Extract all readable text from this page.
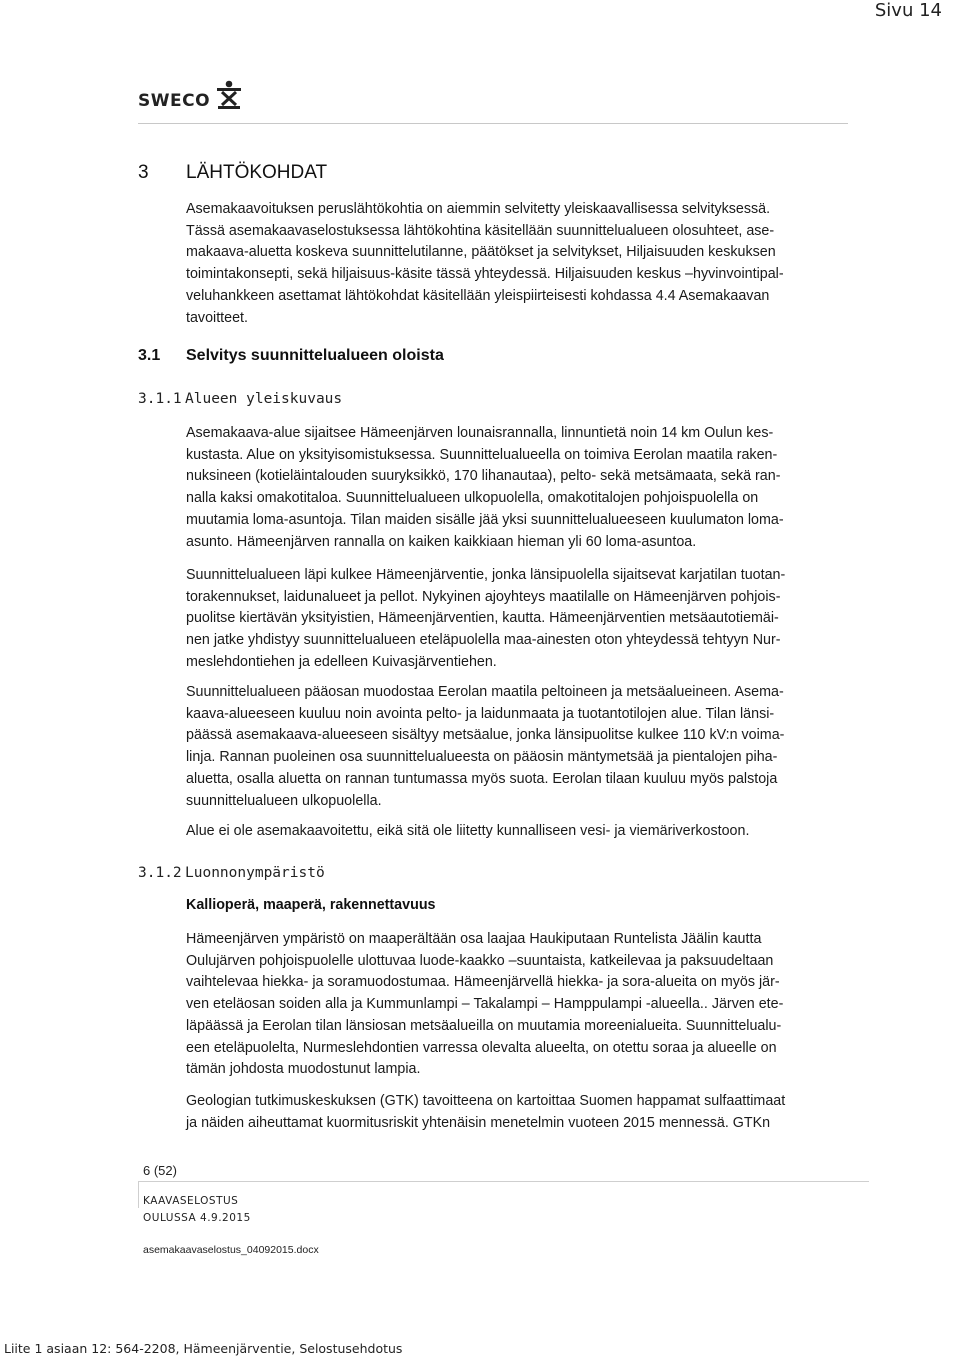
Sivu 14
SWECO
3 LÄHTÖKOHDAT
Asemakaavoituksen peruslähtökohtia on aiemmin selvitetty yleiskaavallisessa selvityksessä.
Tässä asemakaavaselostuksessa lähtökohtina käsitellään suunnittelualueen olosuhteet, ase-
makaava-aluetta koskeva suunnittelutilanne, päätökset ja selvitykset, Hiljaisuuden keskuksen
toimintakonsepti, sekä hiljaisuus-käsite tässä yhteydessä. Hiljaisuuden keskus –hyvinvointipal-
veluhankkeen asettamat lähtökohdat käsitellään yleispiirteisesti kohdassa 4.4 Asemakaavan
tavoitteet.
3.1 Selvitys suunnittelualueen oloista
3.1.1 Alueen yleiskuvaus
Asemakaava-alue sijaitsee Hämeenjärven lounaisrannalla, linnuntietä noin 14 km Oulun kes-
kustasta. Alue on yksityisomistuksessa. Suunnittelualueella on toimiva Eerolan maatila raken-
nuksineen (kotieläintalouden suuryksikkö, 170 lihanautaa), pelto- sekä metsämaata, sekä ran-
nalla kaksi omakotitaloa. Suunnittelualueen ulkopuolella, omakotitalojen pohjoispuolella on
muutamia loma-asuntoja. Tilan maiden sisälle jää yksi suunnittelualueeseen kuulumaton loma-
asunto. Hämeenjärven rannalla on kaiken kaikkiaan hieman yli 60 loma-asuntoa.
Suunnittelualueen läpi kulkee Hämeenjärventie, jonka länsipuolella sijaitsevat karjatilan tuotan-
torakennukset, laidunalueet ja pellot. Nykyinen ajoyhteys maatilalle on Hämeenjärven pohjois-
puolitse kiertävän yksityistien, Hämeenjärventien, kautta. Hämeenjärventien metsäautotiemäi-
nen jatke yhdistyy suunnittelualueen eteläpuolella maa-ainesten oton yhteydessä tehtyyn Nur-
meslehdontiehen ja edelleen Kuivasjärventiehen.
Suunnittelualueen pääosan muodostaa Eerolan maatila peltoineen ja metsäalueineen. Asema-
kaava-alueeseen kuuluu noin avointa pelto- ja laidunmaata ja tuotantotilojen alue. Tilan länsi-
päässä asemakaava-alueeseen sisältyy metsäalue, jonka länsipuolitse kulkee 110 kV:n voima-
linja. Rannan puoleinen osa suunnittelualueesta on pääosin mäntymetsää ja pientalojen piha-
aluetta, osalla aluetta on rannan tuntumassa myös suota. Eerolan tilaan kuuluu myös palstoja
suunnittelualueen ulkopuolella.
Alue ei ole asemakaavoitettu, eikä sitä ole liitetty kunnalliseen vesi- ja viemäriverkostoon.
3.1.2 Luonnonympäristö
Kallioperä, maaperä, rakennettavuus
Hämeenjärven ympäristö on maaperältään osa laajaa Haukiputaan Runtelista Jäälin kautta
Oulujärven pohjoispuolelle ulottuvaa luode-kaakko –suuntaista, katkeilevaa ja paksuudeltaan
vaihtelevaa hiekka- ja soramuodostumaa. Hämeenjärvellä hiekka- ja sora-alueita on myös jär-
ven eteläosan soiden alla ja Kummunlampi – Takalampi – Hamppulampi -alueella.. Järven ete-
läpäässä ja Eerolan tilan länsiosan metsäalueilla on muutamia moreenialueita. Suunnittelualu-
een eteläpuolelta, Nurmeslehdontien varressa olevalta alueelta, on otettu soraa ja alueelle on
tämän johdosta muodostunut lampia.
Geologian tutkimuskeskuksen (GTK) tavoitteena on kartoittaa Suomen happamat sulfaattimaat
ja näiden aiheuttamat kuormitusriskit yhtenäisin menetelmin vuoteen 2015 mennessä. GTKn
6 (52)
KAAVASELOSTUS
OULUSSA 4.9.2015
asemakaavaselostus_04092015.docx
Liite 1 asiaan 12: 564-2208, Hämeenjärventie, Selostusehdotus
